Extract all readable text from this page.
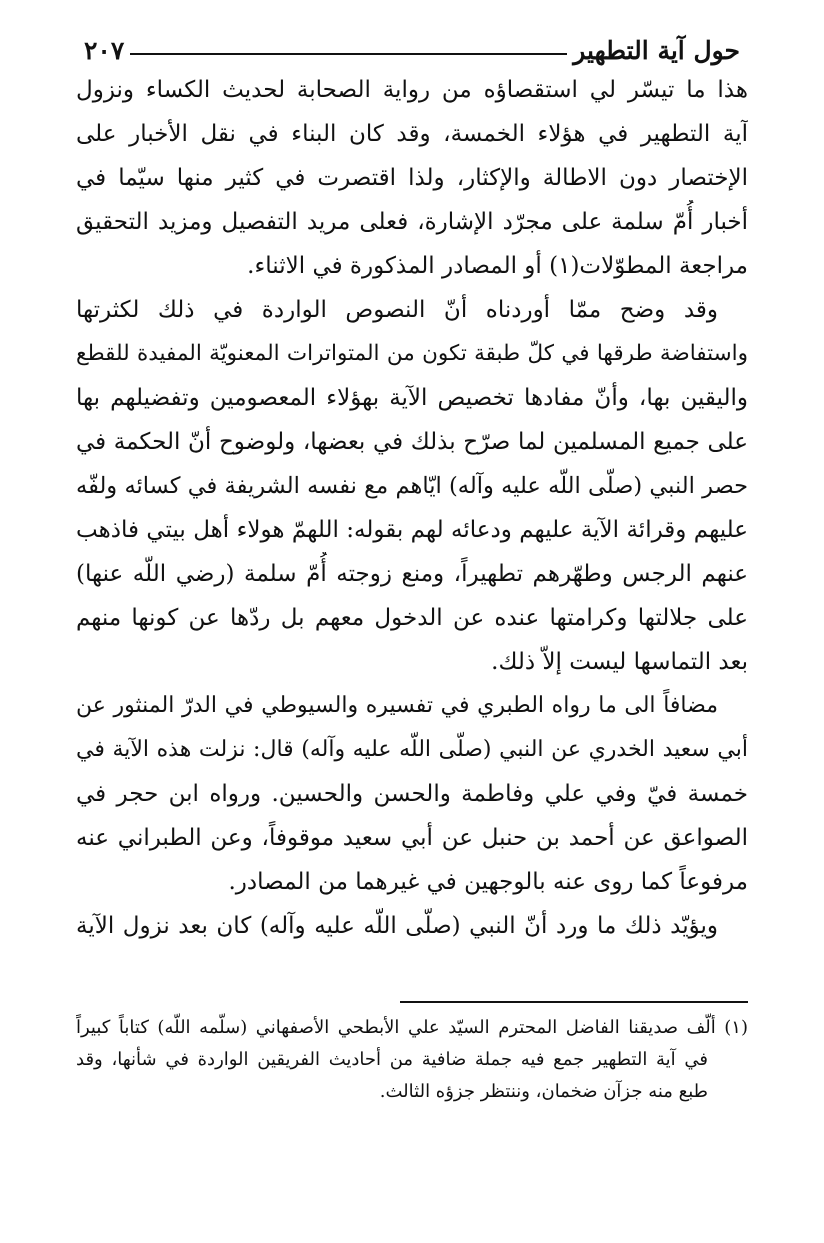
حول آية التطهير
٢٠٧

هذا ما تيسّر لي استقصاؤه من رواية الصحابة لحديث الكساء ونزول
آية التطهير في هؤلاء الخمسة، وقد كان البناء في نقل الأخبار على
الإختصار دون الاطالة والإكثار، ولذا اقتصرت في كثير منها سيّما في
أخبار أُمّ سلمة على مجرّد الإشارة، فعلى مريد التفصيل ومزيد التحقيق
مراجعة المطوّلات(١) أو المصادر المذكورة في الاثناء.

وقد وضح ممّا أوردناه أنّ النصوص الواردة في ذلك لكثرتها
واستفاضة طرقها في كلّ طبقة تكون من المتواترات المعنويّة المفيدة للقطع
واليقين بها، وأنّ مفادها تخصيص الآية بهؤلاء المعصومين وتفضيلهم بها
على جميع المسلمين لما صرّح بذلك في بعضها، ولوضوح أنّ الحكمة في
حصر النبي (صلّى اللّه عليه وآله) ايّاهم مع نفسه الشريفة في كسائه ولفّه
عليهم وقرائة الآية عليهم ودعائه لهم بقوله: اللهمّ هولاء أهل بيتي فاذهب
عنهم الرجس وطهّرهم تطهيراً، ومنع زوجته أُمّ سلمة (رضي اللّه عنها)
على جلالتها وكرامتها عنده عن الدخول معهم بل ردّها عن كونها منهم
بعد التماسها ليست إلاّ ذلك.

مضافاً الى ما رواه الطبري في تفسيره والسيوطي في الدرّ المنثور عن
أبي سعيد الخدري عن النبي (صلّى اللّه عليه وآله) قال: نزلت هذه الآية في
خمسة فيّ وفي علي وفاطمة والحسن والحسين. ورواه ابن حجر في
الصواعق عن أحمد بن حنبل عن أبي سعيد موقوفاً، وعن الطبراني عنه
مرفوعاً كما روى عنه بالوجهين في غيرهما من المصادر.

ويؤيّد ذلك ما ورد أنّ النبي (صلّى اللّه عليه وآله) كان بعد نزول الآية

(١) ألّف صديقنا الفاضل المحترم السيّد علي الأبطحي الأصفهاني (سلّمه اللّه) كتاباً كبيراً
في آية التطهير جمع فيه جملة ضافية من أحاديث الفريقين الواردة في شأنها، وقد
طبع منه جزآن ضخمان، وننتظر جزؤه الثالث.
